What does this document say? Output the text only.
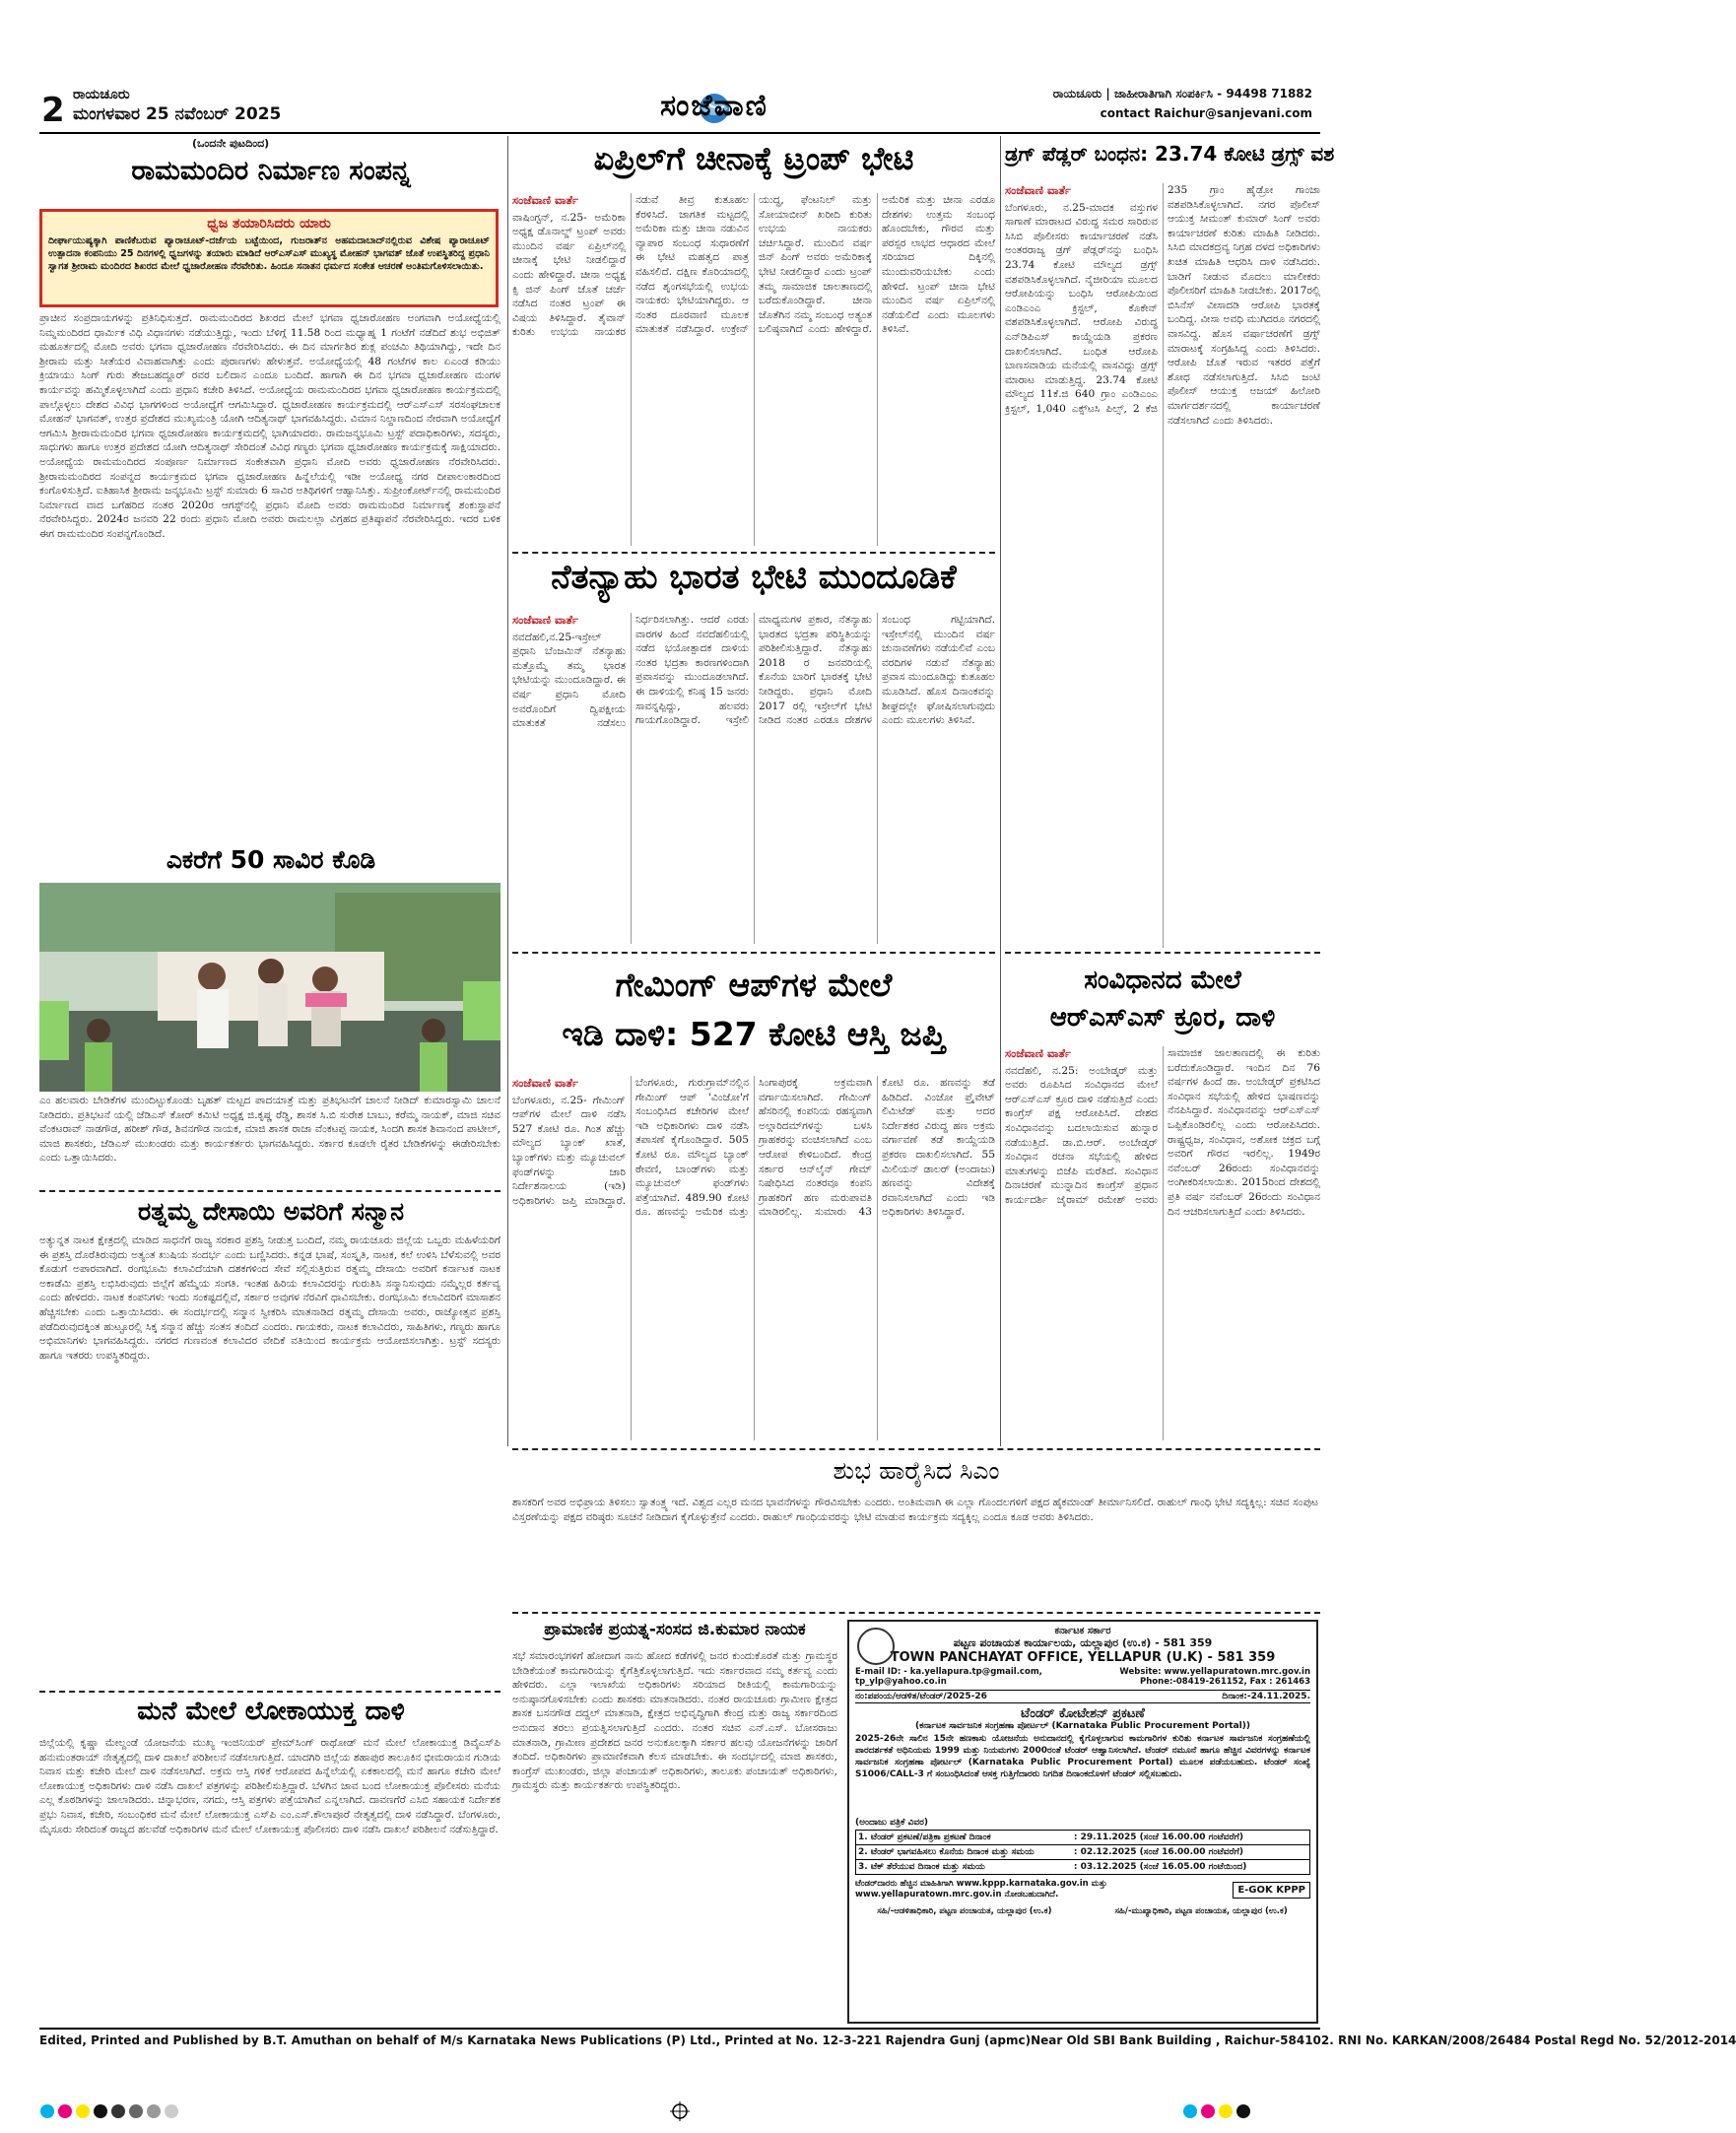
2 ರಾಯಚೂರು
ಮಂಗಳವಾರ 25 ನವೆಂಬರ್ 2025	ಸಂಜೆವಾಣಿ	ರಾಯಚೂರು | ಜಾಹೀರಾತಿಗಾಗಿ ಸಂಪರ್ಕಿಸಿ - 94498 71882
contact Raichur@sanjevani.com
(ಒಂದನೇ ಪುಟದಿಂದ)
ರಾಮಮಂದಿರ ನಿರ್ಮಾಣ ಸಂಪನ್ನ
ಧ್ವಜ ತಯಾರಿಸಿದರು ಯಾರು
ದೀರ್ಘಾಯುಷ್ಯಕ್ಕಾಗಿ ಪಾಣಿಕೆಬರುವ ಪ್ಯಾರಾಚೂಟ್-ದರ್ಜೆಯ ಬಟ್ಟೆಯಿಂದ, ಗುಜರಾತ್‌ನ ಅಹಮದಾಬಾದ್‌ನಲ್ಲಿರುವ ವಿಶೇಷ ಪ್ಯಾರಾಚೂಟ್ ಉತ್ಪಾದನಾ ಕಂಪನಿಯು 25 ದಿನಗಳಲ್ಲಿ ಧ್ವಜಗಳನ್ನು ತಯಾರು ಮಾಡಿದೆ ಆರ್‌ಎಸ್‌ಎಸ್ ಮುಖ್ಯಸ್ಥ ಮೋಹನ್ ಭಾಗವತ್ ಜೊತೆ ಉಪಸ್ಥಿತರಿದ್ದ ಪ್ರಧಾನಿ ಸ್ವಾಗತ ಶ್ರೀರಾಮ ಮಂದಿರದ ಶಿಖರದ ಮೇಲೆ ಧ್ವಜಾರೋಹಣ ನೆರವೇರಿತು. ಹಿಂದೂ ಸನಾತನ ಧರ್ಮದ ಸಂಕೇತ ಆಚರಣೆ ಅಂತಿಮಗೊಳಿಸಲಾಯಿತು.
ಪ್ರಾಚೀನ ಸಂಪ್ರದಾಯಗಳನ್ನು ಪ್ರತಿನಿಧಿಸುತ್ತದೆ. ರಾಮಮಂದಿರದ ಶಿಖರದ ಮೇಲೆ ಭಗವಾ ಧ್ವಜಾರೋಹಣ ಅಂಗವಾಗಿ ಅಯೋಧ್ಯೆಯಲ್ಲಿ ನಿಮ್ನಮಂದಿರದ ಧಾರ್ಮಿಕ ವಿಧಿ ವಿಧಾನಗಳು ನಡೆಯುತ್ತಿದ್ದು, ಇಂದು ಬೆಳಿಗ್ಗೆ 11.58 ರಿಂದ ಮಧ್ಯಾಹ್ನ 1 ಗಂಟೆಗೆ ನಡೆದಿದೆ ಶುಭ ಅಭಿಜಿತ್ ಮಹೂರ್ತದಲ್ಲಿ ಮೋದಿ ಅವರು ಭಗವಾ ಧ್ವಜಾರೋಹಣ ನೆರವೇರಿಸಿದರು. ಈ ದಿನ ಮಾರ್ಗಶಿರ ಶುಕ್ಲ ಪಂಚಮಿ ತಿಥಿಯಾಗಿದ್ದು, ಇದೇ ದಿನ ಶ್ರೀರಾಮ ಮತ್ತು ಸೀತೆಯರ ವಿವಾಹವಾಗಿತ್ತು ಎಂದು ಪುರಾಣಗಳು ಹೇಳುತ್ತವೆ. ಅಯೋಧ್ಯೆಯಲ್ಲಿ 48 ಗಂಟೆಗಳ ಕಾಲ ಏಎಂಡ ಕಡಿಯು ಕ್ರಿಯಾಯು ಸಿಂಗ್ ಗುರು ತೇಜಬಹದ್ದೂರ್ ರವರ ಬಲಿದಾನ ಎಂದೂ ಬಂದಿದೆ. ಹಾಗಾಗಿ ಈ ದಿನ ಭಗವಾ ಧ್ವಜಾರೋಹಣ ಮಂಗಳ ಕಾರ್ಯವನ್ನು ಹಮ್ಮಿಕೊಳ್ಳಲಾಗಿದೆ ಎಂದು ಪ್ರಧಾನಿ ಕಚೇರಿ ತಿಳಿಸಿದೆ. ಅಯೋಧ್ಯೆಯ ರಾಮಮಂದಿರದ ಭಗವಾ ಧ್ವಜಾರೋಹಣ ಕಾರ್ಯಕ್ರಮದಲ್ಲಿ ಪಾಲ್ಗೊಳ್ಳಲು ದೇಶದ ವಿವಿಧ ಭಾಗಗಳಿಂದ ಅಯೋಧ್ಯೆಗೆ ಆಗಮಿಸಿದ್ದಾರೆ. ಧ್ವಜಾರೋಹಣ ಕಾರ್ಯಕ್ರಮದಲ್ಲಿ ಆರ್‌ಎಸ್‌ಎಸ್ ಸರಸಂಘಚಾಲಕ ಮೋಹನ್ ಭಾಗವತ್, ಉತ್ತರ ಪ್ರದೇಶದ ಮುಖ್ಯಮಂತ್ರಿ ಯೋಗಿ ಆದಿತ್ಯನಾಥ್ ಭಾಗವಹಿಸಿದ್ದರು. ವಿಮಾನ ನಿಲ್ದಾಣದಿಂದ ನೇರವಾಗಿ ಅಯೋಧ್ಯೆಗೆ ಆಗಮಿಸಿ ಶ್ರೀರಾಮಮಂದಿರ ಭಗವಾ ಧ್ವಜಾರೋಹಣ ಕಾರ್ಯಕ್ರಮದಲ್ಲಿ ಭಾಗಿಯಾದರು. ರಾಮಜನ್ಮಭೂಮಿ ಟ್ರಸ್ಟ್ ಪದಾಧಿಕಾರಿಗಳು, ಸದಸ್ಯರು, ಸಾಧುಗಳು ಹಾಗೂ ಉತ್ತರ ಪ್ರದೇಶದ ಯೋಗಿ ಆದಿತ್ಯನಾಥ್ ಸೇರಿದಂತೆ ವಿವಿಧ ಗಣ್ಯರು ಭಗವಾ ಧ್ವಜಾರೋಹಣ ಕಾರ್ಯಕ್ರಮಕ್ಕೆ ಸಾಕ್ಷಿಯಾದರು. ಅಯೋಧ್ಯೆಯ ರಾಮಮಂದಿರದ ಸಂಪೂರ್ಣ ನಿರ್ಮಾಣದ ಸಂಕೇತವಾಗಿ ಪ್ರಧಾನಿ ಮೋದಿ ಅವರು ಧ್ವಜಾರೋಹಣ ನೆರವೇರಿಸಿದರು. ಶ್ರೀರಾಮಮಂದಿರದ ಸಂಪನ್ನದ ಕಾರ್ಯಕ್ರಮದ ಭಗವಾ ಧ್ವಜಾರೋಹಣ ಹಿನ್ನೆಲೆಯಲ್ಲಿ ಇಡೀ ಅಯೋಧ್ಯ ನಗರ ದೀಪಾಲಂಕಾರದಿಂದ ಕಂಗೊಳಿಸುತ್ತಿದೆ. ಐತಿಹಾಸಿಕ ಶ್ರೀರಾಮ ಜನ್ಮಭೂಮಿ ಟ್ರಸ್ಟ್ ಸುಮಾರು 6 ಸಾವಿರ ಅತಿಥಿಗಳಿಗೆ ಆಹ್ವಾನಿಸಿತ್ತು. ಸುಪ್ರೀಂಕೋರ್ಟ್‌ನಲ್ಲಿ ರಾಮಮಂದಿರ ನಿರ್ಮಾಣದ ವಾದ ಬಗೆಹರಿದ ನಂತರ 2020ರ ಆಗಸ್ಟ್‌ನಲ್ಲಿ ಪ್ರಧಾನಿ ಮೋದಿ ಅವರು ರಾಮಮಂದಿರ ನಿರ್ಮಾಣಕ್ಕೆ ಶಂಕುಸ್ಥಾಪನೆ ನೆರವೇರಿಸಿದ್ದರು. 2024ರ ಜನವರಿ 22 ರಂದು ಪ್ರಧಾನಿ ಮೋದಿ ಅವರು ರಾಮಲಲ್ಲಾ ವಿಗ್ರಹದ ಪ್ರತಿಷ್ಠಾಪನೆ ನೆರವೇರಿಸಿದ್ದರು. ಇದರ ಬಳಿಕ ಈಗ ರಾಮಮಂದಿರ ಸಂಪನ್ನಗೊಂಡಿದೆ.
ಎಕರೆಗೆ 50 ಸಾವಿರ ಕೊಡಿ
ಎಂ ಹಲವಾರು ಬೇಡಿಕೆಗಳ ಮುಂದಿಟ್ಟುಕೊಂಡು ಬೃಹತ್ ಮಟ್ಟದ ಪಾದಯಾತ್ರೆ ಮತ್ತು ಪ್ರತಿಭಟನೆಗೆ ಚಾಲನೆ ನೀಡಿದ್ ಕುಮಾರಸ್ವಾಮಿ ಚಾಲನೆ ನೀಡಿದರು. ಪ್ರತಿಭಟನೆ ಯಲ್ಲಿ ಜೆಡಿಎಸ್ ಕೋರ್ ಕಮಿಟಿ ಅಧ್ಯಕ್ಷ ಜಿ.ಕೃಷ್ಣ ರೆಡ್ಡಿ, ಶಾಸಕ ಸಿ.ಬಿ ಸುರೇಶ ಬಾಬು, ಕರೆಮ್ಮ ನಾಯಕ್, ಮಾಜಿ ಸಚಿವ ವೆಂಕಟರಾವ್ ನಾಡಗೌಡ, ಹರೀಶ್ ಗೌಡ, ಶಿವನಗೌಡ ನಾಯಕ, ಮಾಜಿ ಶಾಸಕ ರಾಜಾ ವೆಂಕಟಪ್ಪ ನಾಯಕ, ಸಿಂದಗಿ ಶಾಸಕ ಶಿವಾನಂದ ಪಾಟೀಲ್, ಮಾಜಿ ಶಾಸಕರು, ಜೆಡಿಎಸ್ ಮುಖಂಡರು ಮತ್ತು ಕಾರ್ಯಕರ್ತರು ಭಾಗವಹಿಸಿದ್ದರು. ಸರ್ಕಾರ ಕೂಡಲೇ ರೈತರ ಬೇಡಿಕೆಗಳನ್ನು ಈಡೇರಿಸಬೇಕು ಎಂದು ಒತ್ತಾಯಿಸಿದರು.
ರತ್ನಮ್ಮ ದೇಸಾಯಿ ಅವರಿಗೆ ಸನ್ಮಾನ
ಅತ್ಯುನ್ನತ ನಾಟಕ ಕ್ಷೇತ್ರದಲ್ಲಿ ಮಾಡಿದ ಸಾಧನೆಗೆ ರಾಜ್ಯ ಸರಕಾರ ಪ್ರಶಸ್ತಿ ನೀಡುತ್ತ ಬಂದಿದೆ, ನಮ್ಮ ರಾಯಚೂರು ಜಿಲ್ಲೆಯ ಒಬ್ಬರು ಮಹಿಳೆಯರಿಗೆ ಈ ಪ್ರಶಸ್ತಿ ದೊರೆತಿರುವುದು ಅತ್ಯಂತ ಖುಷಿಯ ಸಂದರ್ಭ ಎಂದು ಬಣ್ಣಿಸಿದರು. ಕನ್ನಡ ಭಾಷೆ, ಸಂಸ್ಕೃತಿ, ನಾಟಕ, ಕಲೆ ಉಳಿಸಿ ಬೆಳೆಸುವಲ್ಲಿ ಅವರ ಕೊಡುಗೆ ಅಪಾರವಾಗಿದೆ. ರಂಗಭೂಮಿ ಕಲಾವಿದೆಯಾಗಿ ದಶಕಗಳಿಂದ ಸೇವೆ ಸಲ್ಲಿಸುತ್ತಿರುವ ರತ್ನಮ್ಮ ದೇಸಾಯಿ ಅವರಿಗೆ ಕರ್ನಾಟಕ ನಾಟಕ ಅಕಾಡೆಮಿ ಪ್ರಶಸ್ತಿ ಲಭಿಸಿರುವುದು ಜಿಲ್ಲೆಗೆ ಹೆಮ್ಮೆಯ ಸಂಗತಿ. ಇಂತಹ ಹಿರಿಯ ಕಲಾವಿದರನ್ನು ಗುರುತಿಸಿ ಸನ್ಮಾನಿಸುವುದು ನಮ್ಮೆಲ್ಲರ ಕರ್ತವ್ಯ ಎಂದು ಹೇಳಿದರು. ನಾಟಕ ಕಂಪನಿಗಳು ಇಂದು ಸಂಕಷ್ಟದಲ್ಲಿವೆ, ಸರ್ಕಾರ ಅವುಗಳ ನೆರವಿಗೆ ಧಾವಿಸಬೇಕು. ರಂಗಭೂಮಿ ಕಲಾವಿದರಿಗೆ ಮಾಸಾಶನ ಹೆಚ್ಚಿಸಬೇಕು ಎಂದು ಒತ್ತಾಯಿಸಿದರು. ಈ ಸಂದರ್ಭದಲ್ಲಿ ಸನ್ಮಾನ ಸ್ವೀಕರಿಸಿ ಮಾತನಾಡಿದ ರತ್ನಮ್ಮ ದೇಸಾಯಿ ಅವರು, ರಾಜ್ಯೋತ್ಸವ ಪ್ರಶಸ್ತಿ ಪಡೆದಿರುವುದಕ್ಕಿಂತ ಹುಟ್ಟೂರಲ್ಲಿ ಸಿಕ್ಕ ಸನ್ಮಾನ ಹೆಚ್ಚು ಸಂತಸ ತಂದಿದೆ ಎಂದರು. ಗಾಯಕರು, ನಾಟಕ ಕಲಾವಿದರು, ಸಾಹಿತಿಗಳು, ಗಣ್ಯರು ಹಾಗೂ ಅಭಿಮಾನಿಗಳು ಭಾಗವಹಿಸಿದ್ದರು. ನಗರದ ಗುಣವಂತ ಕಲಾವಿದರ ವೇದಿಕೆ ವತಿಯಿಂದ ಕಾರ್ಯಕ್ರಮ ಆಯೋಜಿಸಲಾಗಿತ್ತು. ಟ್ರಸ್ಟ್ ಸದಸ್ಯರು ಹಾಗೂ ಇತರರು ಉಪಸ್ಥಿತರಿದ್ದರು.
ಮನೆ ಮೇಲೆ ಲೋಕಾಯುಕ್ತ ದಾಳಿ
ಜಿಲ್ಲೆಯಲ್ಲಿ ಕೃಷ್ಣಾ ಮೇಲ್ದಂಡೆ ಯೋಜನೆಯ ಮುಖ್ಯ ಇಂಜಿನಿಯರ್ ಪ್ರೇಮ್‌ಸಿಂಗ್ ರಾಥೋಡ್ ಮನೆ ಮೇಲೆ ಲೋಕಾಯುಕ್ತ ಡಿವೈಎಸ್‌ಪಿ ಹನುಮಂತರಾಯ್ ನೇತೃತ್ವದಲ್ಲಿ ದಾಳಿ ದಾಖಲೆ ಪರಿಶೀಲನೆ ನಡೆಸಲಾಗುತ್ತಿದೆ. ಯಾದಗಿರಿ ಜಿಲ್ಲೆಯ ಶಹಾಪುರ ತಾಲೂಕಿನ ಭೀಮರಾಯನ ಗುಡಿಯ ನಿವಾಸ ಮತ್ತು ಕಚೇರಿ ಮೇಲೆ ದಾಳಿ ನಡೆಸಲಾಗಿದೆ. ಅಕ್ರಮ ಆಸ್ತಿ ಗಳಿಕೆ ಆರೋಪದ ಹಿನ್ನೆಲೆಯಲ್ಲಿ ಏಕಕಾಲದಲ್ಲಿ ಮನೆ ಹಾಗೂ ಕಚೇರಿ ಮೇಲೆ ಲೋಕಾಯುಕ್ತ ಅಧಿಕಾರಿಗಳು ದಾಳಿ ನಡೆಸಿ ದಾಖಲೆ ಪತ್ರಗಳನ್ನು ಪರಿಶೀಲಿಸುತ್ತಿದ್ದಾರೆ. ಬೆಳಗಿನ ಜಾವ ಬಂದ ಲೋಕಾಯುಕ್ತ ಪೊಲೀಸರು ಮನೆಯ ಎಲ್ಲ ಕೊಠಡಿಗಳನ್ನು ಜಾಲಾಡಿದರು. ಚಿನ್ನಾಭರಣ, ನಗದು, ಆಸ್ತಿ ಪತ್ರಗಳು ಪತ್ತೆಯಾಗಿವೆ ಎನ್ನಲಾಗಿದೆ. ದಾವಣಗೆರೆ ಎಸಿಬಿ ಸಹಾಯಕ ನಿರ್ದೇಶಕ ಪ್ರಭು ನಿವಾಸ, ಕಚೇರಿ, ಸಂಬಂಧಿಕರ ಮನೆ ಮೇಲೆ ಲೋಕಾಯುಕ್ತ ಎಸ್‌ಪಿ ಎಂ.ಎಸ್.ಕೌಲಾಪೂರೆ ನೇತೃತ್ವದಲ್ಲಿ ದಾಳಿ ನಡೆಸಿದ್ದಾರೆ. ಬೆಂಗಳೂರು, ಮೈಸೂರು ಸೇರಿದಂತೆ ರಾಜ್ಯದ ಹಲವೆಡೆ ಅಧಿಕಾರಿಗಳ ಮನೆ ಮೇಲೆ ಲೋಕಾಯುಕ್ತ ಪೊಲೀಸರು ದಾಳಿ ನಡೆಸಿ ದಾಖಲೆ ಪರಿಶೀಲನೆ ನಡೆಸುತ್ತಿದ್ದಾರೆ.
ಏಪ್ರಿಲ್‌ಗೆ ಚೀನಾಕ್ಕೆ ಟ್ರಂಪ್ ಭೇಟಿ
ಸಂಜೆವಾಣಿ ವಾರ್ತೆ
ವಾಷಿಂಗ್ಟನ್, ನ.25- ಅಮೆರಿಕಾ ಅಧ್ಯಕ್ಷ ಡೊನಾಲ್ಡ್ ಟ್ರಂಪ್ ಅವರು ಮುಂದಿನ ವರ್ಷ ಏಪ್ರಿಲ್‌ನಲ್ಲಿ ಚೀನಾಕ್ಕೆ ಭೇಟಿ ನೀಡಲಿದ್ದಾರೆ ಎಂದು ಹೇಳಿದ್ದಾರೆ. ಚೀನಾ ಅಧ್ಯಕ್ಷ ಕ್ಸಿ ಜಿನ್ ಪಿಂಗ್ ಜೊತೆ ಚರ್ಚೆ ನಡೆಸಿದ ನಂತರ ಟ್ರಂಪ್ ಈ ವಿಷಯ ತಿಳಿಸಿದ್ದಾರೆ. ತೈವಾನ್ ಕುರಿತು ಉಭಯ ನಾಯಕರ ನಡುವೆ ತೀವ್ರ ಕುತೂಹಲ ಕೆರಳಿಸಿದೆ. ಜಾಗತಿಕ ಮಟ್ಟದಲ್ಲಿ ಅಮೆರಿಕಾ ಮತ್ತು ಚೀನಾ ನಡುವಿನ ವ್ಯಾಪಾರ ಸಂಬಂಧ ಸುಧಾರಣೆಗೆ ಈ ಭೇಟಿ ಮಹತ್ವದ ಪಾತ್ರ ವಹಿಸಲಿದೆ. ದಕ್ಷಿಣ ಕೊರಿಯಾದಲ್ಲಿ ನಡೆದ ಶೃಂಗಸಭೆಯಲ್ಲಿ ಉಭಯ ನಾಯಕರು ಭೇಟಿಯಾಗಿದ್ದರು. ಆ ನಂತರ ದೂರವಾಣಿ ಮೂಲಕ ಮಾತುಕತೆ ನಡೆಸಿದ್ದಾರೆ. ಉಕ್ರೇನ್ ಯುದ್ಧ, ಫೆಂಟನಿಲ್ ಮತ್ತು ಸೋಯಾಬೀನ್ ಖರೀದಿ ಕುರಿತು ಉಭಯ ನಾಯಕರು ಚರ್ಚಿಸಿದ್ದಾರೆ. ಮುಂದಿನ ವರ್ಷ ಜಿನ್ ಪಿಂಗ್ ಅವರು ಅಮೆರಿಕಾಕ್ಕೆ ಭೇಟಿ ನೀಡಲಿದ್ದಾರೆ ಎಂದು ಟ್ರಂಪ್ ತಮ್ಮ ಸಾಮಾಜಿಕ ಜಾಲತಾಣದಲ್ಲಿ ಬರೆದುಕೊಂಡಿದ್ದಾರೆ. ಚೀನಾ ಜೊತೆಗಿನ ನಮ್ಮ ಸಂಬಂಧ ಅತ್ಯಂತ ಬಲಿಷ್ಠವಾಗಿದೆ ಎಂದು ಹೇಳಿದ್ದಾರೆ. ಅಮೆರಿಕ ಮತ್ತು ಚೀನಾ ಎರಡೂ ದೇಶಗಳು ಉತ್ತಮ ಸಂಬಂಧ ಹೊಂದಬೇಕು, ಗೌರವ ಮತ್ತು ಪರಸ್ಪರ ಲಾಭದ ಆಧಾರದ ಮೇಲೆ ಸರಿಯಾದ ದಿಕ್ಕಿನಲ್ಲಿ ಮುಂದುವರಿಯಬೇಕು ಎಂದು ಹೇಳಿದೆ. ಟ್ರಂಪ್ ಚೀನಾ ಭೇಟಿ ಮುಂದಿನ ವರ್ಷ ಏಪ್ರಿಲ್‌ನಲ್ಲಿ ನಡೆಯಲಿದೆ ಎಂದು ಮೂಲಗಳು ತಿಳಿಸಿವೆ.
ನೆತನ್ಯಾಹು ಭಾರತ ಭೇಟಿ ಮುಂದೂಡಿಕೆ
ಸಂಜೆವಾಣಿ ವಾರ್ತೆ
ನವದೆಹಲಿ,ನ.25-ಇಸ್ರೇಲ್ ಪ್ರಧಾನಿ ಬೆಂಜಮಿನ್ ನೆತನ್ಯಾಹು ಮತ್ತೊಮ್ಮೆ ತಮ್ಮ ಭಾರತ ಭೇಟಿಯನ್ನು ಮುಂದೂಡಿದ್ದಾರೆ. ಈ ವರ್ಷ ಪ್ರಧಾನಿ ಮೋದಿ ಅವರೊಂದಿಗೆ ದ್ವಿಪಕ್ಷೀಯ ಮಾತುಕತೆ ನಡೆಸಲು ನಿರ್ಧರಿಸಲಾಗಿತ್ತು. ಆದರೆ ಎರಡು ವಾರಗಳ ಹಿಂದೆ ನವದೆಹಲಿಯಲ್ಲಿ ನಡೆದ ಭಯೋತ್ಪಾದಕ ದಾಳಿಯ ನಂತರ ಭದ್ರತಾ ಕಾರಣಗಳಿಂದಾಗಿ ಪ್ರವಾಸವನ್ನು ಮುಂದೂಡಲಾಗಿದೆ. ಈ ದಾಳಿಯಲ್ಲಿ ಕನಿಷ್ಠ 15 ಜನರು ಸಾವನ್ನಪ್ಪಿದ್ದು, ಹಲವರು ಗಾಯಗೊಂಡಿದ್ದಾರೆ. ಇಸ್ರೇಲಿ ಮಾಧ್ಯಮಗಳ ಪ್ರಕಾರ, ನೆತನ್ಯಾಹು ಭಾರತದ ಭದ್ರತಾ ಪರಿಸ್ಥಿತಿಯನ್ನು ಪರಿಶೀಲಿಸುತ್ತಿದ್ದಾರೆ. ನೆತನ್ಯಾಹು 2018 ರ ಜನವರಿಯಲ್ಲಿ ಕೊನೆಯ ಬಾರಿಗೆ ಭಾರತಕ್ಕೆ ಭೇಟಿ ನೀಡಿದ್ದರು. ಪ್ರಧಾನಿ ಮೋದಿ 2017 ರಲ್ಲಿ ಇಸ್ರೇಲ್‌ಗೆ ಭೇಟಿ ನೀಡಿದ ನಂತರ ಎರಡೂ ದೇಶಗಳ ಸಂಬಂಧ ಗಟ್ಟಿಯಾಗಿದೆ. ಇಸ್ರೇಲ್‌ನಲ್ಲಿ ಮುಂದಿನ ವರ್ಷ ಚುನಾವಣೆಗಳು ನಡೆಯಲಿವೆ ಎಂಬ ವರದಿಗಳ ನಡುವೆ ನೆತನ್ಯಾಹು ಪ್ರವಾಸ ಮುಂದೂಡಿದ್ದು ಕುತೂಹಲ ಮೂಡಿಸಿದೆ. ಹೊಸ ದಿನಾಂಕವನ್ನು ಶೀಘ್ರದಲ್ಲೇ ಘೋಷಿಸಲಾಗುವುದು ಎಂದು ಮೂಲಗಳು ತಿಳಿಸಿವೆ.
ಗೇಮಿಂಗ್ ಆಪ್‌ಗಳ ಮೇಲೆ
ಇಡಿ ದಾಳಿ: 527 ಕೋಟಿ ಆಸ್ತಿ ಜಪ್ತಿ
ಸಂಜೆವಾಣಿ ವಾರ್ತೆ
ಬೆಂಗಳೂರು, ನ.25- ಗೇಮಿಂಗ್ ಆಪ್‌ಗಳ ಮೇಲೆ ದಾಳಿ ನಡೆಸಿ 527 ಕೋಟಿ ರೂ. ಗಿಂತ ಹೆಚ್ಚು ಮೌಲ್ಯದ ಬ್ಯಾಂಕ್ ಖಾತೆ, ಬ್ಯಾಂಕ್‌ಗಳು ಮತ್ತು ಮ್ಯೂಚುವಲ್ ಫಂಡ್‌ಗಳನ್ನು ಜಾರಿ ನಿರ್ದೇಶನಾಲಯ (ಇಡಿ) ಅಧಿಕಾರಿಗಳು ಜಪ್ತಿ ಮಾಡಿದ್ದಾರೆ. ಬೆಂಗಳೂರು, ಗುರುಗ್ರಾಮ್‌ನಲ್ಲಿನ ಗೇಮಿಂಗ್ ಆಪ್ 'ವಿಂಜೋ'ಗೆ ಸಂಬಂಧಿಸಿದ ಕಚೇರಿಗಳ ಮೇಲೆ ಇಡಿ ಅಧಿಕಾರಿಗಳು ದಾಳಿ ನಡೆಸಿ ತಪಾಸಣೆ ಕೈಗೊಂಡಿದ್ದಾರೆ. 505 ಕೋಟಿ ರೂ. ಮೌಲ್ಯದ ಬ್ಯಾಂಕ್ ಠೇವಣಿ, ಬಾಂಡ್‌ಗಳು ಮತ್ತು ಮ್ಯೂಚುವಲ್ ಫಂಡ್‌ಗಳು ಪತ್ತೆಯಾಗಿವೆ. 489.90 ಕೋಟಿ ರೂ. ಹಣವನ್ನು ಅಮೆರಿಕ ಮತ್ತು ಸಿಂಗಾಪುರಕ್ಕೆ ಅಕ್ರಮವಾಗಿ ವರ್ಗಾಯಿಸಲಾಗಿದೆ. ಗೇಮಿಂಗ್ ಹೆಸರಿನಲ್ಲಿ ಕಂಪನಿಯ ರಹಸ್ಯವಾಗಿ ಅಲ್ಗಾರಿದಮ್‌ಗಳನ್ನು ಬಳಸಿ ಗ್ರಾಹಕರನ್ನು ವಂಚಿಸಲಾಗಿದೆ ಎಂಬ ಆರೋಪ ಕೇಳಿಬಂದಿದೆ. ಕೇಂದ್ರ ಸರ್ಕಾರ ಆನ್‌ಲೈನ್ ಗೇಮ್ ನಿಷೇಧಿಸಿದ ನಂತರವೂ ಕಂಪನಿ ಗ್ರಾಹಕರಿಗೆ ಹಣ ಮರುಪಾವತಿ ಮಾಡಿರಲಿಲ್ಲ. ಸುಮಾರು 43 ಕೋಟಿ ರೂ. ಹಣವನ್ನು ತಡೆ ಹಿಡಿದಿದೆ. ವಿಂಜೋ ಪ್ರೈವೇಟ್ ಲಿಮಿಟೆಡ್ ಮತ್ತು ಅದರ ನಿರ್ದೇಶಕರ ವಿರುದ್ಧ ಹಣ ಅಕ್ರಮ ವರ್ಗಾವಣೆ ತಡೆ ಕಾಯ್ದೆಯಡಿ ಪ್ರಕರಣ ದಾಖಲಿಸಲಾಗಿದೆ. 55 ಮಿಲಿಯನ್ ಡಾಲರ್ (ಅಂದಾಜು) ಹಣವನ್ನು ವಿದೇಶಕ್ಕೆ ರವಾನಿಸಲಾಗಿದೆ ಎಂದು ಇಡಿ ಅಧಿಕಾರಿಗಳು ತಿಳಿಸಿದ್ದಾರೆ.
ಶುಭ ಹಾರೈಸಿದ ಸಿಎಂ
ಶಾಸಕರಿಗೆ ಅವರ ಅಭಿಪ್ರಾಯ ತಿಳಿಸಲು ಸ್ವಾತಂತ್ರ್ಯ ಇದೆ. ವಿಶ್ವದ ಎಲ್ಲರ ಮನದ ಭಾವನೆಗಳನ್ನು ಗೌರವಿಸಬೇಕು ಎಂದರು. ಅಂತಿಮವಾಗಿ ಈ ಎಲ್ಲಾ ಗೊಂದಲಗಳಿಗೆ ಪಕ್ಷದ ಹೈಕಮಾಂಡ್ ತೀರ್ಮಾನಿಸಲಿದೆ. ರಾಹುಲ್ ಗಾಂಧಿ ಭೇಟಿ ಸದ್ಯಕ್ಕಿಲ್ಲ: ಸಚಿವ ಸಂಪುಟ ವಿಸ್ತರಣೆಯನ್ನು ಪಕ್ಷದ ವರಿಷ್ಠರು ಸೂಚನೆ ನೀಡಿದಾಗ ಕೈಗೊಳ್ಳುತ್ತೇನೆ ಎಂದರು. ರಾಹುಲ್ ಗಾಂಧಿಯವರನ್ನು ಭೇಟಿ ಮಾಡುವ ಕಾರ್ಯಕ್ರಮ ಸದ್ಯಕ್ಕಿಲ್ಲ ಎಂದೂ ಕೂಡ ಅವರು ತಿಳಿಸಿದರು.
ಪ್ರಾಮಾಣಿಕ ಪ್ರಯತ್ನ-ಸಂಸದ ಜಿ.ಕುಮಾರ ನಾಯಕ
ಸಭೆ ಸಮಾರಂಭಗಳಿಗೆ ಹೋದಾಗ ನಾನು ಹೋದ ಕಡೆಗಳಲ್ಲಿ ಜನರ ಕುಂದುಕೊರತೆ ಮತ್ತು ಗ್ರಾಮಸ್ಥರ ಬೇಡಿಕೆಯಂತೆ ಕಾಮಗಾರಿಯನ್ನು ಕೈಗೆತ್ತಿಕೊಳ್ಳಲಾಗುತ್ತಿದೆ. ಇದು ಸರ್ಕಾರವಾದ ನಮ್ಮ ಕರ್ತವ್ಯ ಎಂದು ಹೇಳಿದರು. ಎಲ್ಲಾ ಇಲಾಖೆಯ ಅಧಿಕಾರಿಗಳು ಸರಿಯಾದ ರೀತಿಯಲ್ಲಿ ಕಾಮಗಾರಿಯನ್ನು ಅನುಷ್ಠಾನಗೊಳಿಸಬೇಕು ಎಂದು ಶಾಸಕರು ಮಾತನಾಡಿದರು. ನಂತರ ರಾಯಚೂರು ಗ್ರಾಮೀಣ ಕ್ಷೇತ್ರದ ಶಾಸಕ ಬಸನಗೌಡ ದದ್ದಲ್ ಮಾತನಾಡಿ, ಕ್ಷೇತ್ರದ ಅಭಿವೃದ್ಧಿಗಾಗಿ ಕೇಂದ್ರ ಮತ್ತು ರಾಜ್ಯ ಸರ್ಕಾರದಿಂದ ಅನುದಾನ ತರಲು ಪ್ರಯತ್ನಿಸಲಾಗುತ್ತಿದೆ ಎಂದರು. ನಂತರ ಸಚಿವ ಎನ್.ಎಸ್. ಬೋಸರಾಜು ಮಾತನಾಡಿ, ಗ್ರಾಮೀಣ ಪ್ರದೇಶದ ಜನರ ಅನುಕೂಲಕ್ಕಾಗಿ ಸರ್ಕಾರ ಹಲವು ಯೋಜನೆಗಳನ್ನು ಜಾರಿಗೆ ತಂದಿದೆ. ಅಧಿಕಾರಿಗಳು ಪ್ರಾಮಾಣಿಕವಾಗಿ ಕೆಲಸ ಮಾಡಬೇಕು. ಈ ಸಂದರ್ಭದಲ್ಲಿ ಮಾಜಿ ಶಾಸಕರು, ಕಾಂಗ್ರೆಸ್ ಮುಖಂಡರು, ಜಿಲ್ಲಾ ಪಂಚಾಯತ್ ಅಧಿಕಾರಿಗಳು, ತಾಲೂಕು ಪಂಚಾಯತ್ ಅಧಿಕಾರಿಗಳು, ಗ್ರಾಮಸ್ಥರು ಮತ್ತು ಕಾರ್ಯಕರ್ತರು ಉಪಸ್ಥಿತರಿದ್ದರು.
ಡ್ರಗ್ ಪೆಡ್ಲರ್ ಬಂಧನ: 23.74 ಕೋಟಿ ಡ್ರಗ್ಸ್ ವಶ
ಸಂಜೆವಾಣಿ ವಾರ್ತೆ
ಬೆಂಗಳೂರು, ನ.25-ಮಾದಕ ವಸ್ತುಗಳ ಸಾಗಾಣೆ ಮಾರಾಟದ ವಿರುದ್ಧ ಸಮರ ಸಾರಿರುವ ಸಿಸಿಬಿ ಪೊಲೀಸರು ಕಾರ್ಯಾಚರಣೆ ನಡೆಸಿ ಅಂತರರಾಜ್ಯ ಡ್ರಗ್ ಪೆಡ್ಲರ್‌ನನ್ನು ಬಂಧಿಸಿ 23.74 ಕೋಟಿ ಮೌಲ್ಯದ ಡ್ರಗ್ಸ್ ವಶಪಡಿಸಿಕೊಳ್ಳಲಾಗಿದೆ. ನೈಜೀರಿಯಾ ಮೂಲದ ಆರೋಪಿಯನ್ನು ಬಂಧಿಸಿ ಆರೋಪಿಯಿಂದ ಎಂಡಿಎಂಎ ಕ್ರಿಸ್ಟಲ್, ಕೊಕೇನ್ ವಶಪಡಿಸಿಕೊಳ್ಳಲಾಗಿದೆ. ಆರೋಪಿ ವಿರುದ್ಧ ಎನ್‌ಡಿಪಿಎಸ್ ಕಾಯ್ದೆಯಡಿ ಪ್ರಕರಣ ದಾಖಲಿಸಲಾಗಿದೆ. ಬಂಧಿತ ಆರೋಪಿ ಬಾಣಸವಾಡಿಯ ಮನೆಯಲ್ಲಿ ವಾಸವಿದ್ದು ಡ್ರಗ್ಸ್ ಮಾರಾಟ ಮಾಡುತ್ತಿದ್ದ. 23.74 ಕೋಟಿ ಮೌಲ್ಯದ 11ಕೆ.ಜಿ 640 ಗ್ರಾಂ ಎಂಡಿಎಂಎ ಕ್ರಿಸ್ಟಲ್, 1,040 ಎಕ್ಸ್‌ಟಸಿ ಪಿಲ್ಸ್, 2 ಕೆಜಿ 235 ಗ್ರಾಂ ಹೈಡ್ರೋ ಗಾಂಜಾ ವಶಪಡಿಸಿಕೊಳ್ಳಲಾಗಿದೆ. ನಗರ ಪೊಲೀಸ್ ಆಯುಕ್ತ ಸೀಮಂತ್ ಕುಮಾರ್ ಸಿಂಗ್ ಅವರು ಕಾರ್ಯಾಚರಣೆ ಕುರಿತು ಮಾಹಿತಿ ನೀಡಿದರು. ಸಿಸಿಬಿ ಮಾದಕದ್ರವ್ಯ ನಿಗ್ರಹ ದಳದ ಅಧಿಕಾರಿಗಳು ಖಚಿತ ಮಾಹಿತಿ ಆಧರಿಸಿ ದಾಳಿ ನಡೆಸಿದರು. ಬಾಡಿಗೆ ನೀಡುವ ಮೊದಲು ಮಾಲೀಕರು ಪೊಲೀಸರಿಗೆ ಮಾಹಿತಿ ನೀಡಬೇಕು. 2017ರಲ್ಲಿ ಬಿಸಿನೆಸ್ ವೀಸಾದಡಿ ಆರೋಪಿ ಭಾರತಕ್ಕೆ ಬಂದಿದ್ದ. ವೀಸಾ ಅವಧಿ ಮುಗಿದರೂ ನಗರದಲ್ಲಿ ವಾಸವಿದ್ದ. ಹೊಸ ವರ್ಷಾಚರಣೆಗೆ ಡ್ರಗ್ಸ್ ಮಾರಾಟಕ್ಕೆ ಸಂಗ್ರಹಿಸಿದ್ದ ಎಂದು ತಿಳಿಸಿದರು. ಆರೋಪಿ ಜೊತೆ ಇರುವ ಇತರರ ಪತ್ತೆಗೆ ಶೋಧ ನಡೆಸಲಾಗುತ್ತಿದೆ. ಸಿಸಿಬಿ ಜಂಟಿ ಪೊಲೀಸ್ ಆಯುಕ್ತ ಅಜಯ್ ಹಿಲೋರಿ ಮಾರ್ಗದರ್ಶನದಲ್ಲಿ ಕಾರ್ಯಾಚರಣೆ ನಡೆಸಲಾಗಿದೆ ಎಂದು ತಿಳಿಸಿದರು.
ಸಂವಿಧಾನದ ಮೇಲೆ
ಆರ್‌ಎಸ್‌ಎಸ್ ಕ್ರೂರ, ದಾಳಿ
ಸಂಜೆವಾಣಿ ವಾರ್ತೆ
ನವದೆಹಲಿ, ನ.25: ಅಂಬೇಡ್ಕರ್ ಮತ್ತು ಅವರು ರೂಪಿಸಿದ ಸಂವಿಧಾನದ ಮೇಲೆ ಆರ್‌ಎಸ್‌ಎಸ್ ಕ್ರೂರ ದಾಳಿ ನಡೆಸುತ್ತಿದೆ ಎಂದು ಕಾಂಗ್ರೆಸ್ ಪಕ್ಷ ಆರೋಪಿಸಿದೆ. ದೇಶದ ಸಂವಿಧಾನವನ್ನು ಬದಲಾಯಿಸುವ ಹುನ್ನಾರ ನಡೆಯುತ್ತಿದೆ. ಡಾ.ಬಿ.ಆರ್. ಅಂಬೇಡ್ಕರ್ ಸಂವಿಧಾನ ರಚನಾ ಸಭೆಯಲ್ಲಿ ಹೇಳಿದ ಮಾತುಗಳನ್ನು ಬಿಜೆಪಿ ಮರೆತಿದೆ. ಸಂವಿಧಾನ ದಿನಾಚರಣೆ ಮುನ್ನಾದಿನ ಕಾಂಗ್ರೆಸ್ ಪ್ರಧಾನ ಕಾರ್ಯದರ್ಶಿ ಜೈರಾಮ್ ರಮೇಶ್ ಅವರು ಸಾಮಾಜಿಕ ಜಾಲತಾಣದಲ್ಲಿ ಈ ಕುರಿತು ಬರೆದುಕೊಂಡಿದ್ದಾರೆ. ಇಂದಿನ ದಿನ 76 ವರ್ಷಗಳ ಹಿಂದೆ ಡಾ. ಅಂಬೇಡ್ಕರ್ ಪ್ರಕಟಿಸಿದ ಸಂವಿಧಾನ ಸಭೆಯಲ್ಲಿ ಹೇಳಿದ ಭಾಷಣವನ್ನು ನೆನಪಿಸಿದ್ದಾರೆ. ಸಂವಿಧಾನವನ್ನು ಆರ್‌ಎಸ್‌ಎಸ್ ಒಪ್ಪಿಕೊಂಡಿರಲಿಲ್ಲ ಎಂದು ಆರೋಪಿಸಿದರು. ರಾಷ್ಟ್ರಧ್ವಜ, ಸಂವಿಧಾನ, ಅಶೋಕ ಚಕ್ರದ ಬಗ್ಗೆ ಅವರಿಗೆ ಗೌರವ ಇರಲಿಲ್ಲ. 1949ರ ನವೆಂಬರ್ 26ರಂದು ಸಂವಿಧಾನವನ್ನು ಅಂಗೀಕರಿಸಲಾಯಿತು. 2015ರಿಂದ ದೇಶದಲ್ಲಿ ಪ್ರತಿ ವರ್ಷ ನವೆಂಬರ್ 26ರಂದು ಸಂವಿಧಾನ ದಿನ ಆಚರಿಸಲಾಗುತ್ತಿದೆ ಎಂದು ತಿಳಿಸಿದರು.
ಕರ್ನಾಟಕ ಸರ್ಕಾರ
ಪಟ್ಟಣ ಪಂಚಾಯತ ಕಾರ್ಯಾಲಯ, ಯಲ್ಲಾಪುರ (ಉ.ಕ) - 581 359
TOWN PANCHAYAT OFFICE, YELLAPUR (U.K) - 581 359
E-mail ID: - ka.yellapura.tp@gmail.com, tp_ylp@yahoo.co.in
Website: www.yellapuratown.mrc.gov.in
Phone:-08419-261152, Fax : 261463
ನಂ:ಪಪಂಯ/ಆಡಳಿತ/ಟೆಂಡರ್/2025-26	ದಿನಾಂಕ:-24.11.2025.
ಟೆಂಡರ್ ಕೋಟೇಶನ್ ಪ್ರಕಟಣೆ
(ಕರ್ನಾಟಕ ಸಾರ್ವಜನಿಕ ಸಂಗ್ರಹಣಾ ಪೋರ್ಟಲ್ (Karnataka Public Procurement Portal))
2025-26ನೇ ಸಾಲಿನ 15ನೇ ಹಣಕಾಸು ಯೋಜನೆಯ ಅನುದಾನದಲ್ಲಿ ಕೈಗೊಳ್ಳಲಾಗುವ ಕಾಮಗಾರಿಗಳ ಕುರಿತು ಕರ್ನಾಟಕ ಸಾರ್ವಜನಿಕ ಸಂಗ್ರಹಣೆಯಲ್ಲಿ ಪಾರದರ್ಶಕತೆ ಅಧಿನಿಯಮ 1999 ಮತ್ತು ನಿಯಮಗಳು 2000ರಂತೆ ಟೆಂಡರ್ ಆಹ್ವಾನಿಸಲಾಗಿದೆ. ಟೆಂಡರ್ ನಮೂನೆ ಹಾಗೂ ಹೆಚ್ಚಿನ ವಿವರಗಳನ್ನು ಕರ್ನಾಟಕ ಸಾರ್ವಜನಿಕ ಸಂಗ್ರಹಣಾ ಪೋರ್ಟಲ್ (Karnataka Public Procurement Portal) ಮೂಲಕ ಪಡೆಯಬಹುದು. ಟೆಂಡರ್ ಸಂಖ್ಯೆ S1006/CALL-3 ಗೆ ಸಂಬಂಧಿಸಿದಂತೆ ಆಸಕ್ತ ಗುತ್ತಿಗೆದಾರರು ನಿಗದಿತ ದಿನಾಂಕದೊಳಗೆ ಟೆಂಡರ್ ಸಲ್ಲಿಸಬಹುದು.
(ಅಂದಾಜು ಪತ್ರಿಕೆ ವಿವರ)
1. ಟೆಂಡರ್ ಪ್ರಕಟಣೆ/ಪತ್ರಿಕಾ ಪ್ರಕಟಣೆ ದಿನಾಂಕ	: 29.11.2025 (ಸಂಜೆ 16.00.00 ಗಂಟೆವರೆಗೆ)
2. ಟೆಂಡರ್ ಭಾಗವಹಿಸಲು ಕೊನೆಯ ದಿನಾಂಕ ಮತ್ತು ಸಮಯ	: 02.12.2025 (ಸಂಜೆ 16.00.00 ಗಂಟೆವರೆಗೆ)
3. ಟೆಕ್ ತೆರೆಯುವ ದಿನಾಂಕ ಮತ್ತು ಸಮಯ	: 03.12.2025 (ಸಂಜೆ 16.05.00 ಗಂಟೆಯಿಂದ)
ಟೆಂಡರ್‌ದಾರರು ಹೆಚ್ಚಿನ ಮಾಹಿತಿಗಾಗಿ www.kppp.karnataka.gov.in ಮತ್ತು www.yellapuratown.mrc.gov.in ನೋಡಬಹುದಾಗಿದೆ.	E-GOK KPPP
ಸಹಿ/-ಆಡಳಿತಾಧಿಕಾರಿ, ಪಟ್ಟಣ ಪಂಚಾಯತ, ಯಲ್ಲಾಪುರ (ಉ.ಕ)	ಸಹಿ/-ಮುಖ್ಯಾಧಿಕಾರಿ, ಪಟ್ಟಣ ಪಂಚಾಯತ, ಯಲ್ಲಾಪುರ (ಉ.ಕ)
Edited, Printed and Published by B.T. Amuthan on behalf of M/s Karnataka News Publications (P) Ltd., Printed at No. 12-3-221 Rajendra Gunj (apmc)Near Old SBI Bank Building , Raichur-584102. RNI No. KARKAN/2008/26484 Postal Regd No. 52/2012-2014
